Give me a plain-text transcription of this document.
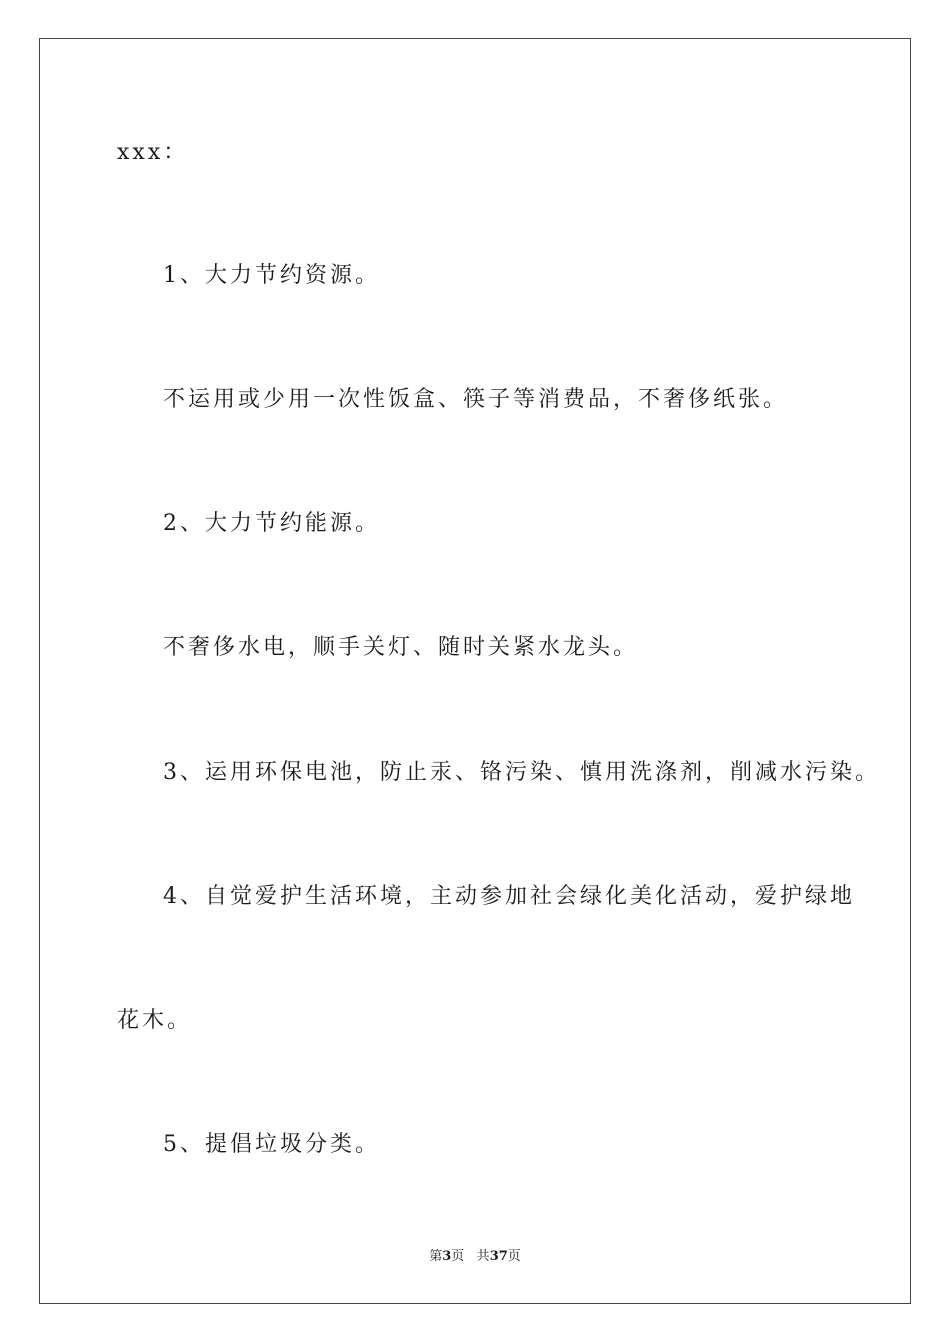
xxx：
1、大力节约资源。
不运用或少用一次性饭盒、筷子等消费品，不奢侈纸张。
2、大力节约能源。
不奢侈水电，顺手关灯、随时关紧水龙头。
3、运用环保电池，防止汞、铬污染、慎用洗涤剂，削减水污染。
4、自觉爱护生活环境，主动参加社会绿化美化活动，爱护绿地
花木。
5、提倡垃圾分类。
第3页 共37页
